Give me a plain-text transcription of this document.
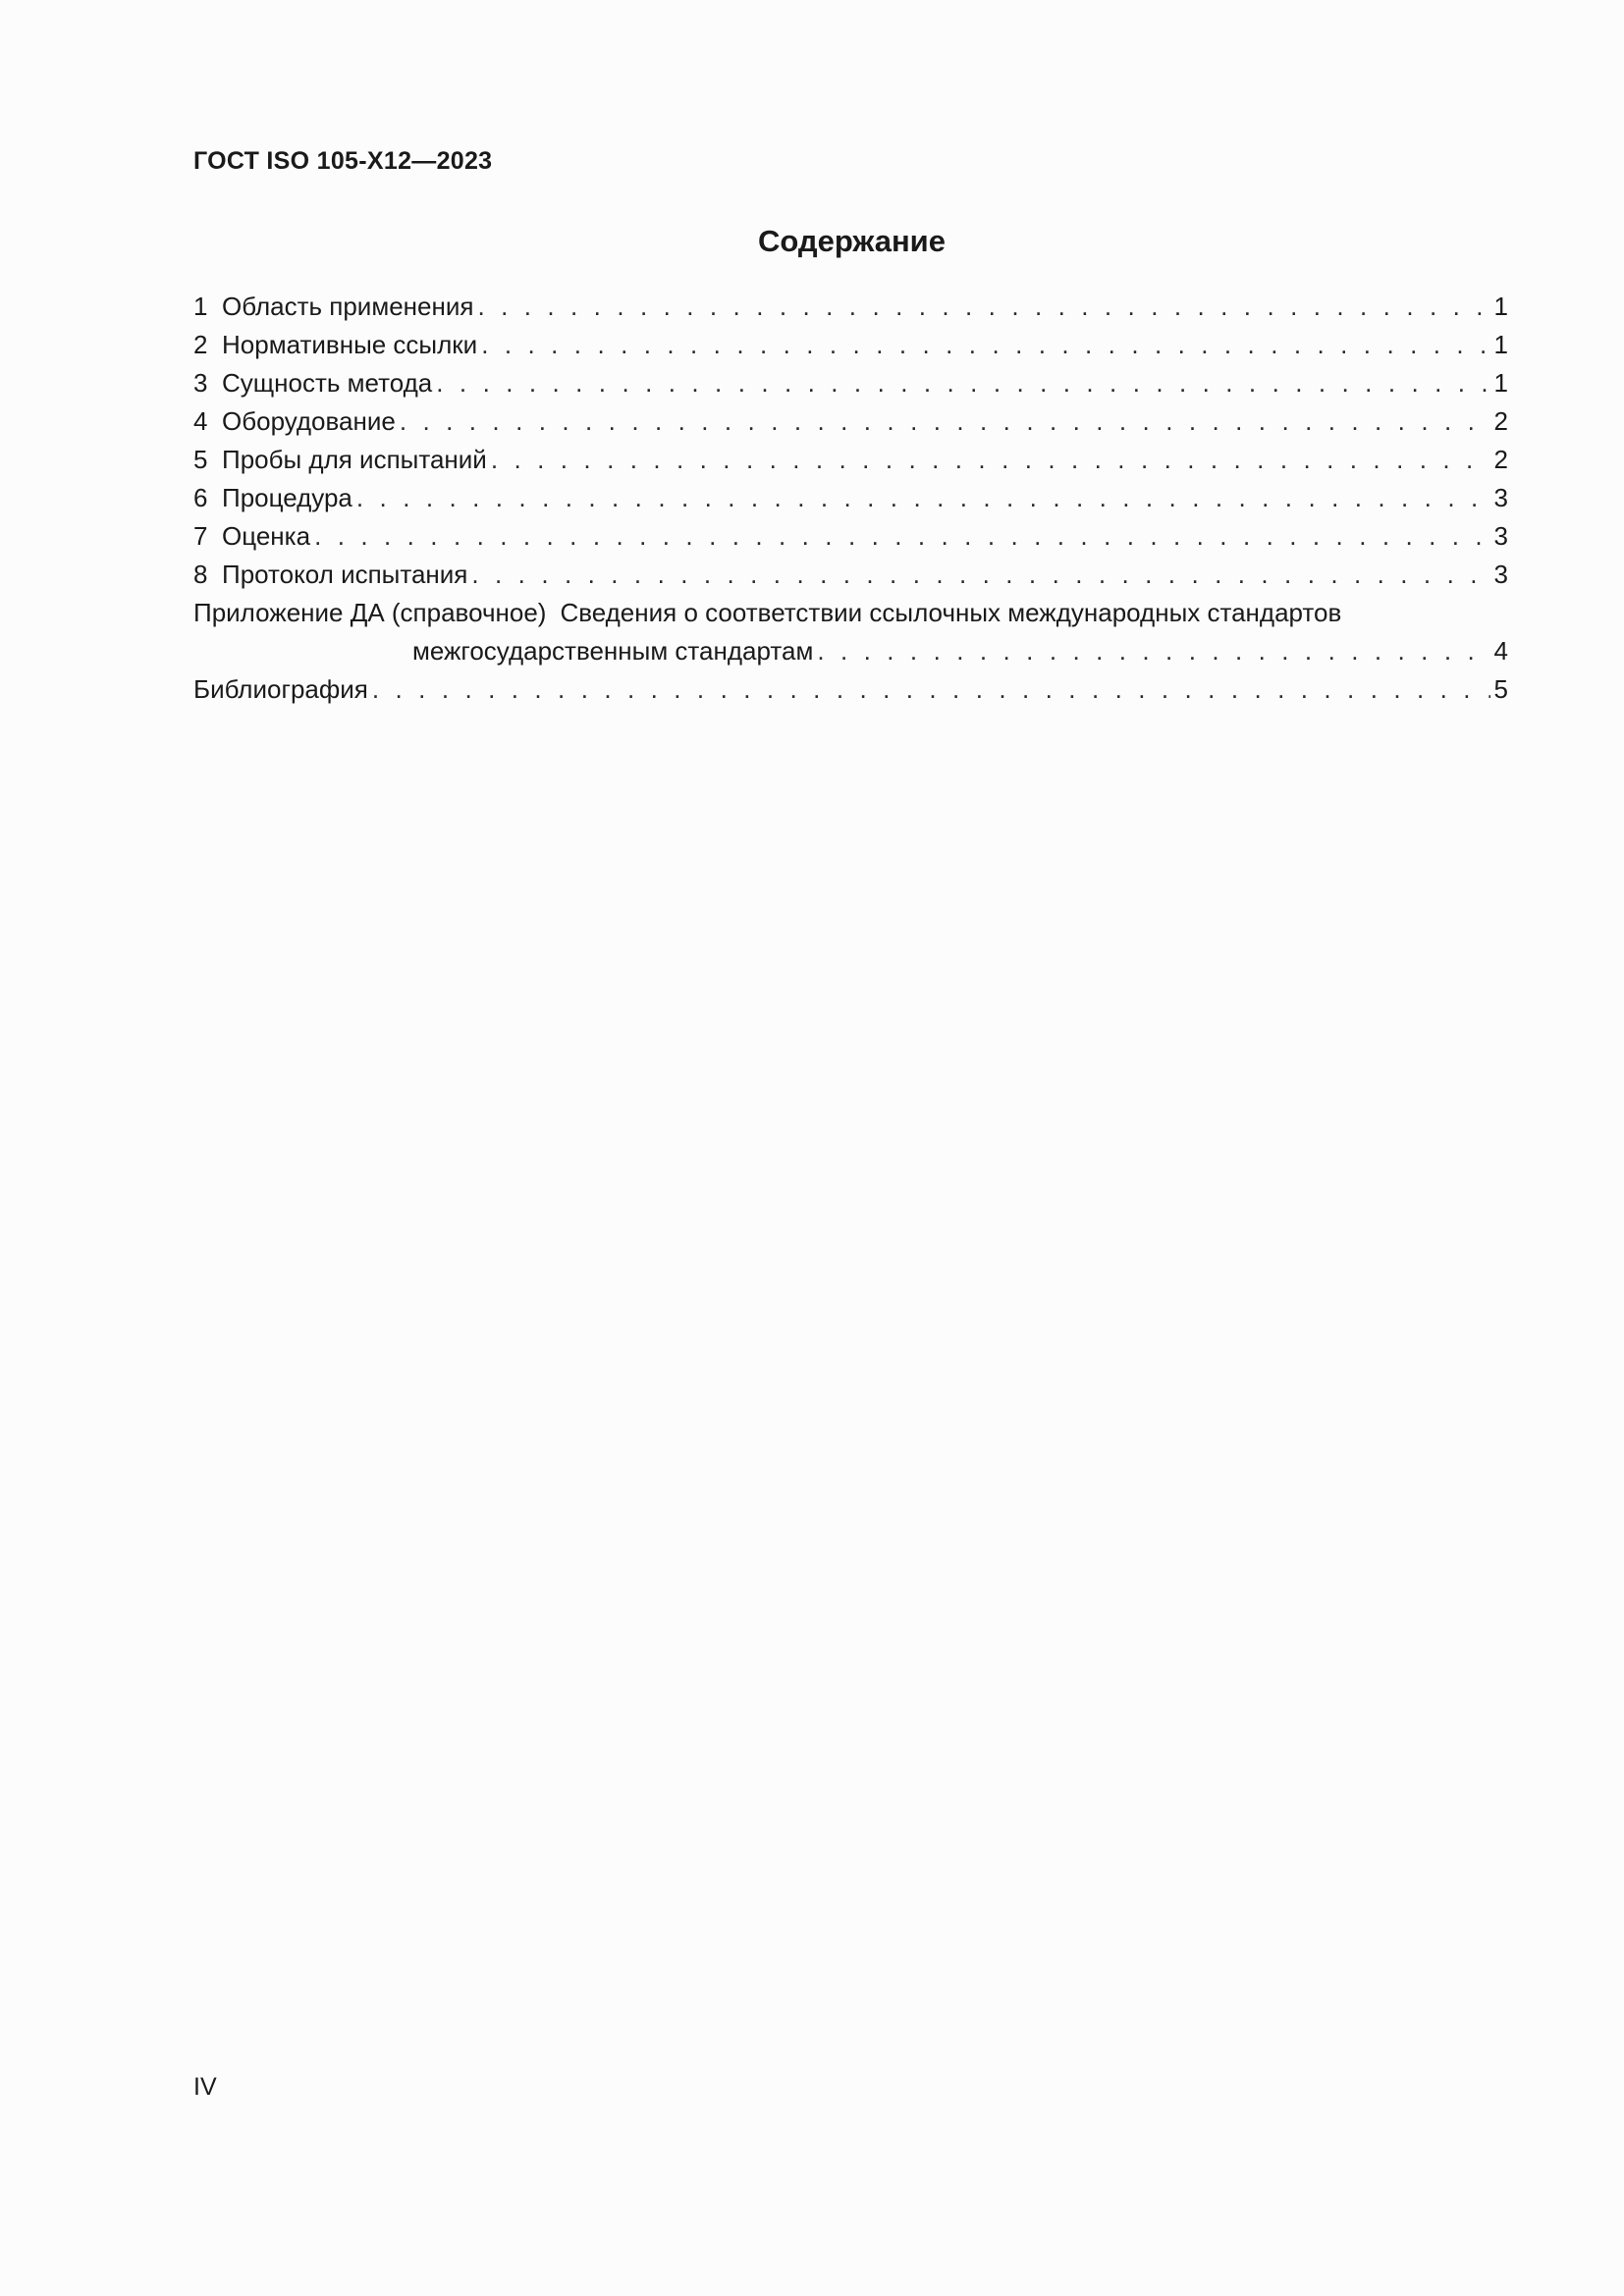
ГОСТ ISO 105-X12—2023
Содержание
1 Область применения . . .	1
2 Нормативные ссылки . . .	1
3 Сущность метода . . .	1
4 Оборудование . . .	2
5 Пробы для испытаний . . .	2
6 Процедура . . .	3
7 Оценка . . .	3
8 Протокол испытания . . .	3
Приложение ДА (справочное) Сведения о соответствии ссылочных международных стандартов
межгосударственным стандартам . . .	4
Библиография . . .	5
IV
